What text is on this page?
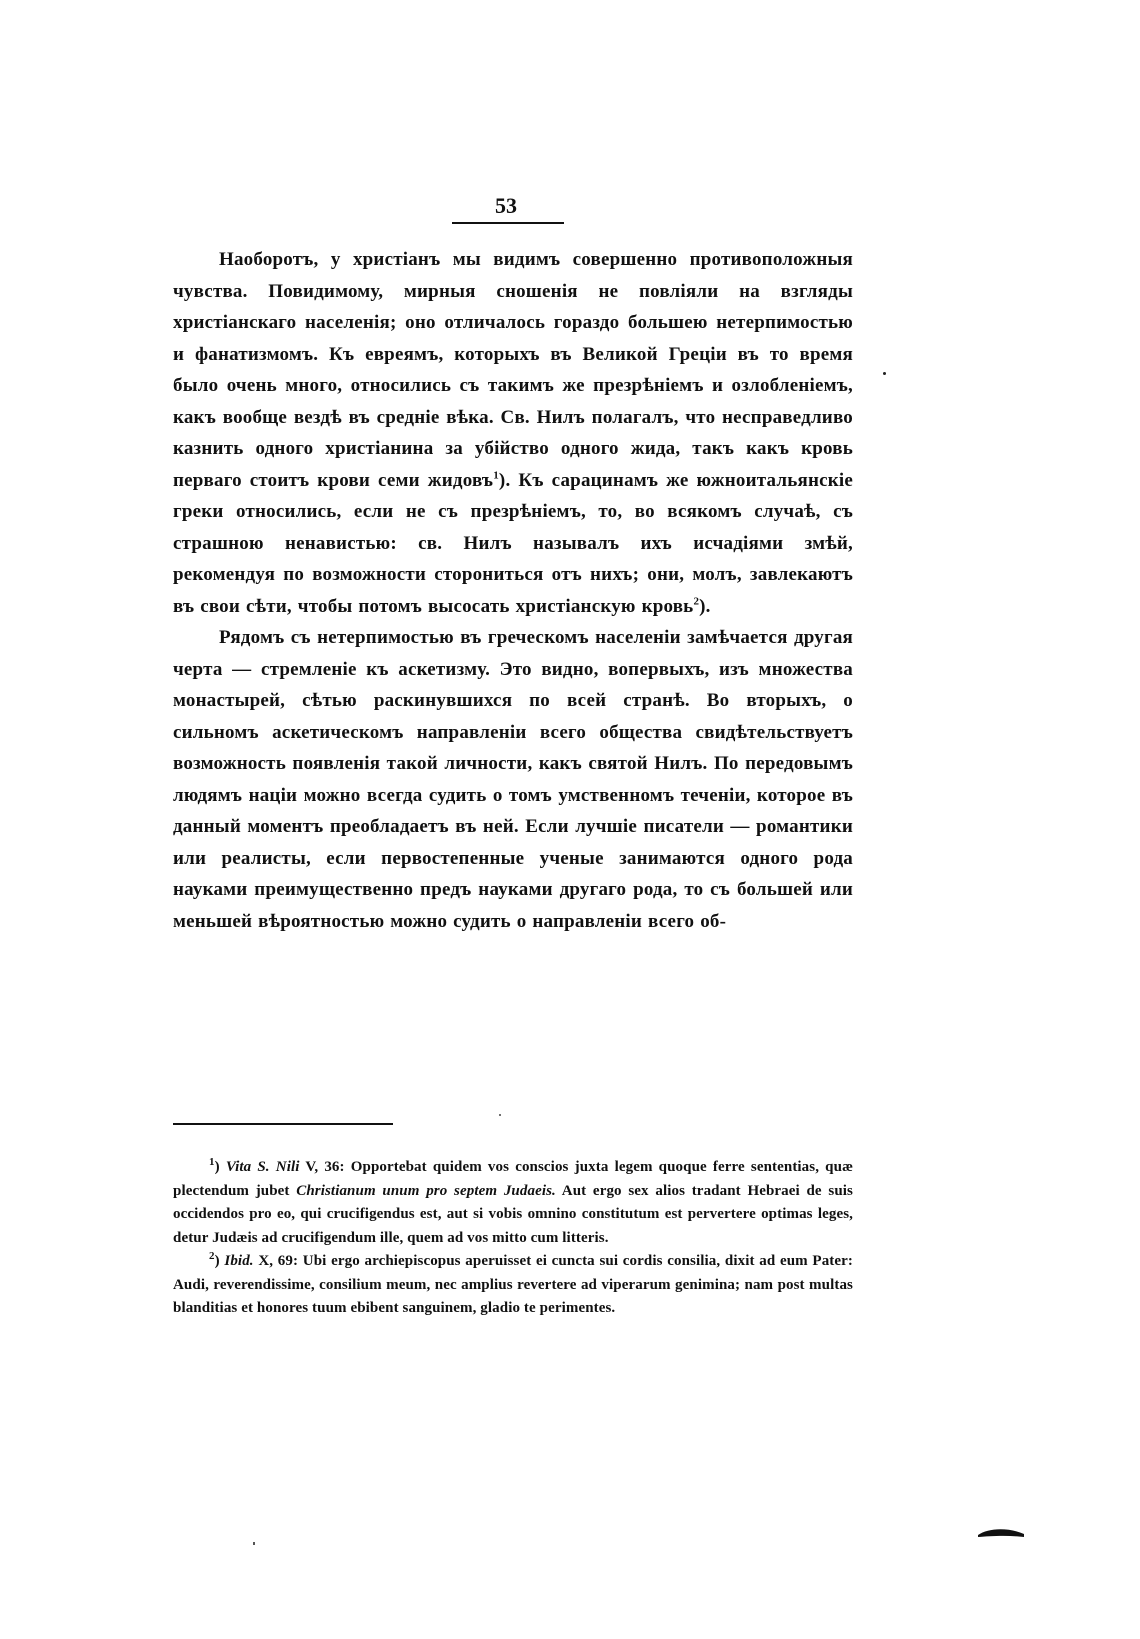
53

Наоборотъ, у христіанъ мы видимъ совершенно противоположныя чувства. Повидимому, мирныя сношенія не повліяли на взгляды христіанскаго населенія; оно отличалось гораздо большею нетерпимостью и фанатизмомъ. Къ евреямъ, которыхъ въ Великой Греціи въ то время было очень много, относились съ такимъ же презрѣніемъ и озлобленіемъ, какъ вообще вездѣ въ средніе вѣка. Св. Нилъ полагалъ, что несправедливо казнить одного христіанина за убійство одного жида, такъ какъ кровь перваго стоитъ крови семи жидовъ$^1$). Къ сарацинамъ же южноитальянскіе греки относились, если не съ презрѣніемъ, то, во всякомъ случаѣ, съ страшною ненавистью: св. Нилъ называлъ ихъ исчадіями змѣй, рекомендуя по возможности сторониться отъ нихъ; они, молъ, завлекаютъ въ свои сѣти, чтобы потомъ высосать христіанскую кровь$^2$).

Рядомъ съ нетерпимостью въ греческомъ населеніи замѣчается другая черта — стремленіе къ аскетизму. Это видно, вопервыхъ, изъ множества монастырей, сѣтью раскинувшихся по всей странѣ. Во вторыхъ, о сильномъ аскетическомъ направленіи всего общества свидѣтельствуетъ возможность появленія такой личности, какъ святой Нилъ. По передовымъ людямъ націи можно всегда судить о томъ умственномъ теченіи, которое въ данный моментъ преобладаетъ въ ней. Если лучшіе писатели — романтики или реалисты, если первостепенные ученые занимаются одного рода науками преимущественно предъ науками другаго рода, то съ большей или меньшей вѣроятностью можно судить о направленіи всего об-

$^1$) Vita S. Nili V, 36: Opportebat quidem vos conscios juxta legem quoque ferre sententias, quæ plectendum jubet Christianum unum pro septem Judaeis. Aut ergo sex alios tradant Hebraei de suis occidendos pro eo, qui crucifigendus est, aut si vobis omnino constitutum est pervertere optimas leges, detur Judæis ad crucifigendum ille, quem ad vos mitto cum litteris.

$^2$) Ibid. X, 69: Ubi ergo archiepiscopus aperuisset ei cuncta sui cordis consilia, dixit ad eum Pater: Audi, reverendissime, consilium meum, nec amplius revertere ad viperarum genimina; nam post multas blanditias et honores tuum ebibent sanguinem, gladio te perimentes.
